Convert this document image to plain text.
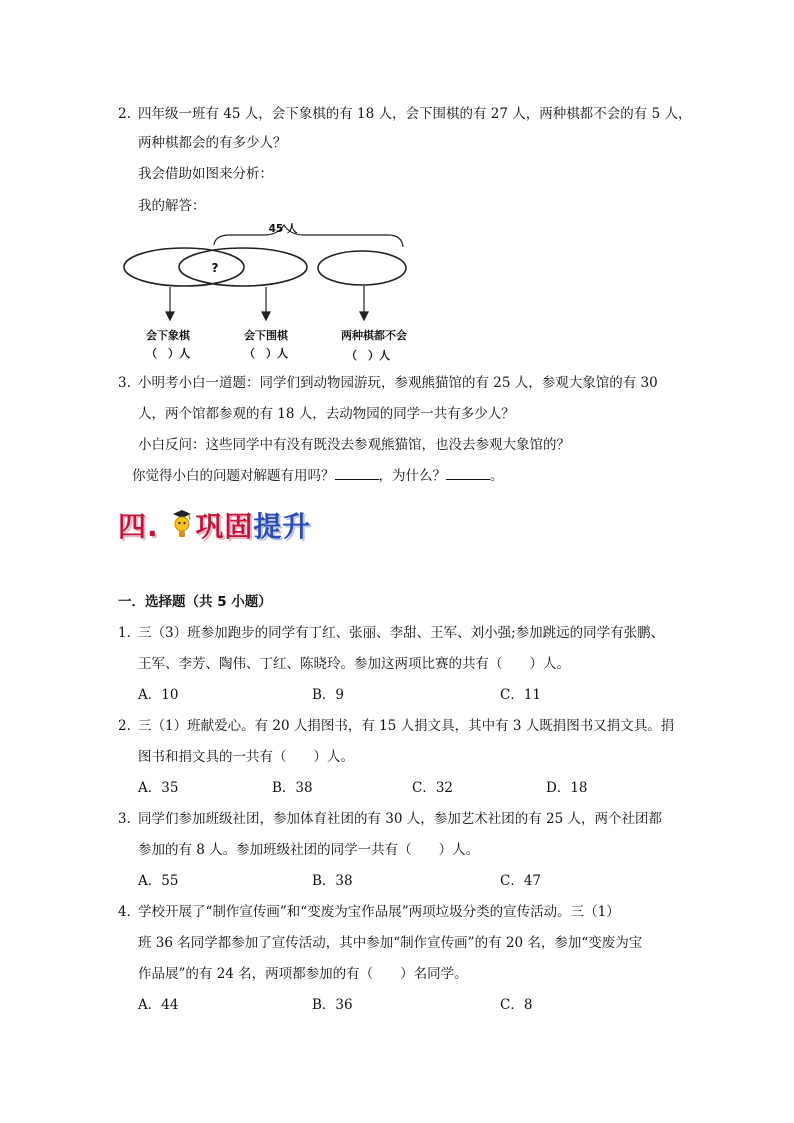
2. 四年级一班有 45 人，会下象棋的有 18 人，会下围棋的有 27 人，两种棋都不会的有 5 人，
两种棋都会的有多少人？
我会借助如图来分析：
我的解答：
45 人
?
会下象棋	会下围棋	两种棋都不会
（　）人	（　）人	（　）人
3. 小明考小白一道题：同学们到动物园游玩，参观熊猫馆的有 25 人，参观大象馆的有 30
人，两个馆都参观的有 18 人，去动物园的同学一共有多少人？
小白反问：这些同学中有没有既没去参观熊猫馆，也没去参观大象馆的？
你觉得小白的问题对解题有用吗？	，为什么？	。
四. 巩固提升
一．选择题（共 5 小题）
1．
三（3）班参加跑步的同学有丁红、张丽、李甜、王军、刘小强;参加跳远的同学有张鹏、
王军、李芳、陶伟、丁红、陈晓玲。参加这两项比赛的共有（　　）人。
A．10	B．9	C．11
2．
三（1）班献爱心。有 20 人捐图书，有 15 人捐文具，其中有 3 人既捐图书又捐文具。捐
图书和捐文具的一共有（　　）人。
A．35	B．38	C．32	D．18
3．
同学们参加班级社团，参加体育社团的有 30 人，参加艺术社团的有 25 人，两个社团都
参加的有 8 人。参加班级社团的同学一共有（　　）人。
A．55	B．38	C．47
4．
学校开展了“制作宣传画”和“变废为宝作品展”两项垃圾分类的宣传活动。三（1）
班 36 名同学都参加了宣传活动，其中参加“制作宣传画”的有 20 名，参加“变废为宝
作品展”的有 24 名，两项都参加的有（　　）名同学。
A．44	B．36	C．8
